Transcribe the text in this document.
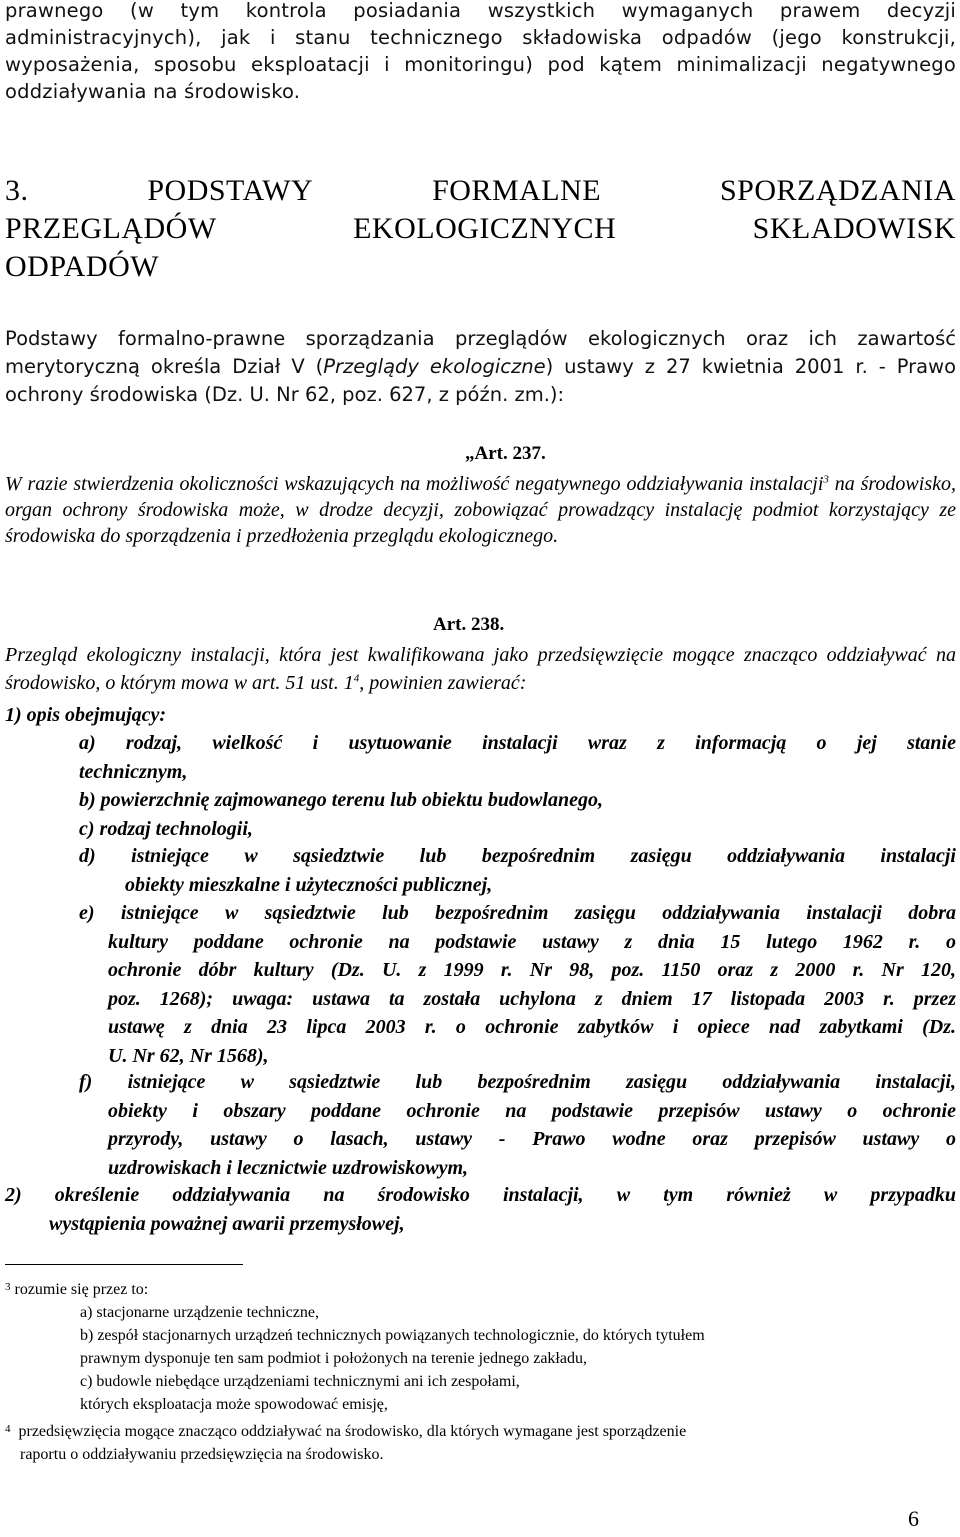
prawnego (w tym kontrola posiadania wszystkich wymaganych prawem decyzji
administracyjnych), jak i stanu technicznego składowiska odpadów (jego konstrukcji,
wyposażenia, sposobu eksploatacji i monitoringu) pod kątem minimalizacji negatywnego
oddziaływania na środowisko.
3.	PODSTAWY	FORMALNE	SPORZĄDZANIA
PRZEGLĄDÓW	EKOLOGICZNYCH	SKŁADOWISK
ODPADÓW
Podstawy formalno-prawne sporządzania przeglądów ekologicznych oraz ich zawartość merytoryczną określa Dział V (Przeglądy ekologiczne) ustawy z 27 kwietnia 2001 r. - Prawo ochrony środowiska (Dz. U. Nr 62, poz. 627, z późn. zm.):
„Art. 237.
W razie stwierdzenia okoliczności wskazujących na możliwość negatywnego oddziaływania instalacji$^3$ na środowisko, organ ochrony środowiska może, w drodze decyzji, zobowiązać prowadzący instalację podmiot korzystający ze środowiska do sporządzenia i przedłożenia przeglądu ekologicznego.
Art. 238.
Przegląd ekologiczny instalacji, która jest kwalifikowana jako przedsięwzięcie mogące znacząco oddziaływać na środowisko, o którym mowa w art. 51 ust. $1^4$, powinien zawierać:
1) opis obejmujący:
a) rodzaj, wielkość i usytuowanie instalacji wraz z informacją o jej stanie
technicznym,
b) powierzchnię zajmowanego terenu lub obiektu budowlanego,
c) rodzaj technologii,
d) istniejące w sąsiedztwie lub bezpośrednim zasięgu oddziaływania instalacji
obiekty mieszkalne i użyteczności publicznej,
e) istniejące w sąsiedztwie lub bezpośrednim zasięgu oddziaływania instalacji dobra
kultury poddane ochronie na podstawie ustawy z dnia 15 lutego 1962 r. o
ochronie dóbr kultury (Dz. U. z 1999 r. Nr 98, poz. 1150 oraz z 2000 r. Nr 120,
poz. 1268); uwaga: ustawa ta została uchylona z dniem 17 listopada 2003 r. przez
ustawę z dnia 23 lipca 2003 r. o ochronie zabytków i opiece nad zabytkami (Dz.
U. Nr 62, Nr 1568),
f) istniejące w sąsiedztwie lub bezpośrednim zasięgu oddziaływania instalacji,
obiekty i obszary poddane ochronie na podstawie przepisów ustawy o ochronie
przyrody, ustawy o lasach, ustawy - Prawo wodne oraz przepisów ustawy o
uzdrowiskach i lecznictwie uzdrowiskowym,
2) określenie oddziaływania na środowisko instalacji, w tym również w przypadku
wystąpienia poważnej awarii przemysłowej,
$^3$ rozumie się przez to:
a) stacjonarne urządzenie techniczne,
b) zespół stacjonarnych urządzeń technicznych powiązanych technologicznie, do których tytułem
prawnym dysponuje ten sam podmiot i położonych na terenie jednego zakładu,
c) budowle niebędące urządzeniami technicznymi ani ich zespołami,
których eksploatacja może spowodować emisję,
$^4$  przedsięwzięcia mogące znacząco oddziaływać na środowisko, dla których wymagane jest sporządzenie
raportu o oddziaływaniu przedsięwzięcia na środowisko.
6
